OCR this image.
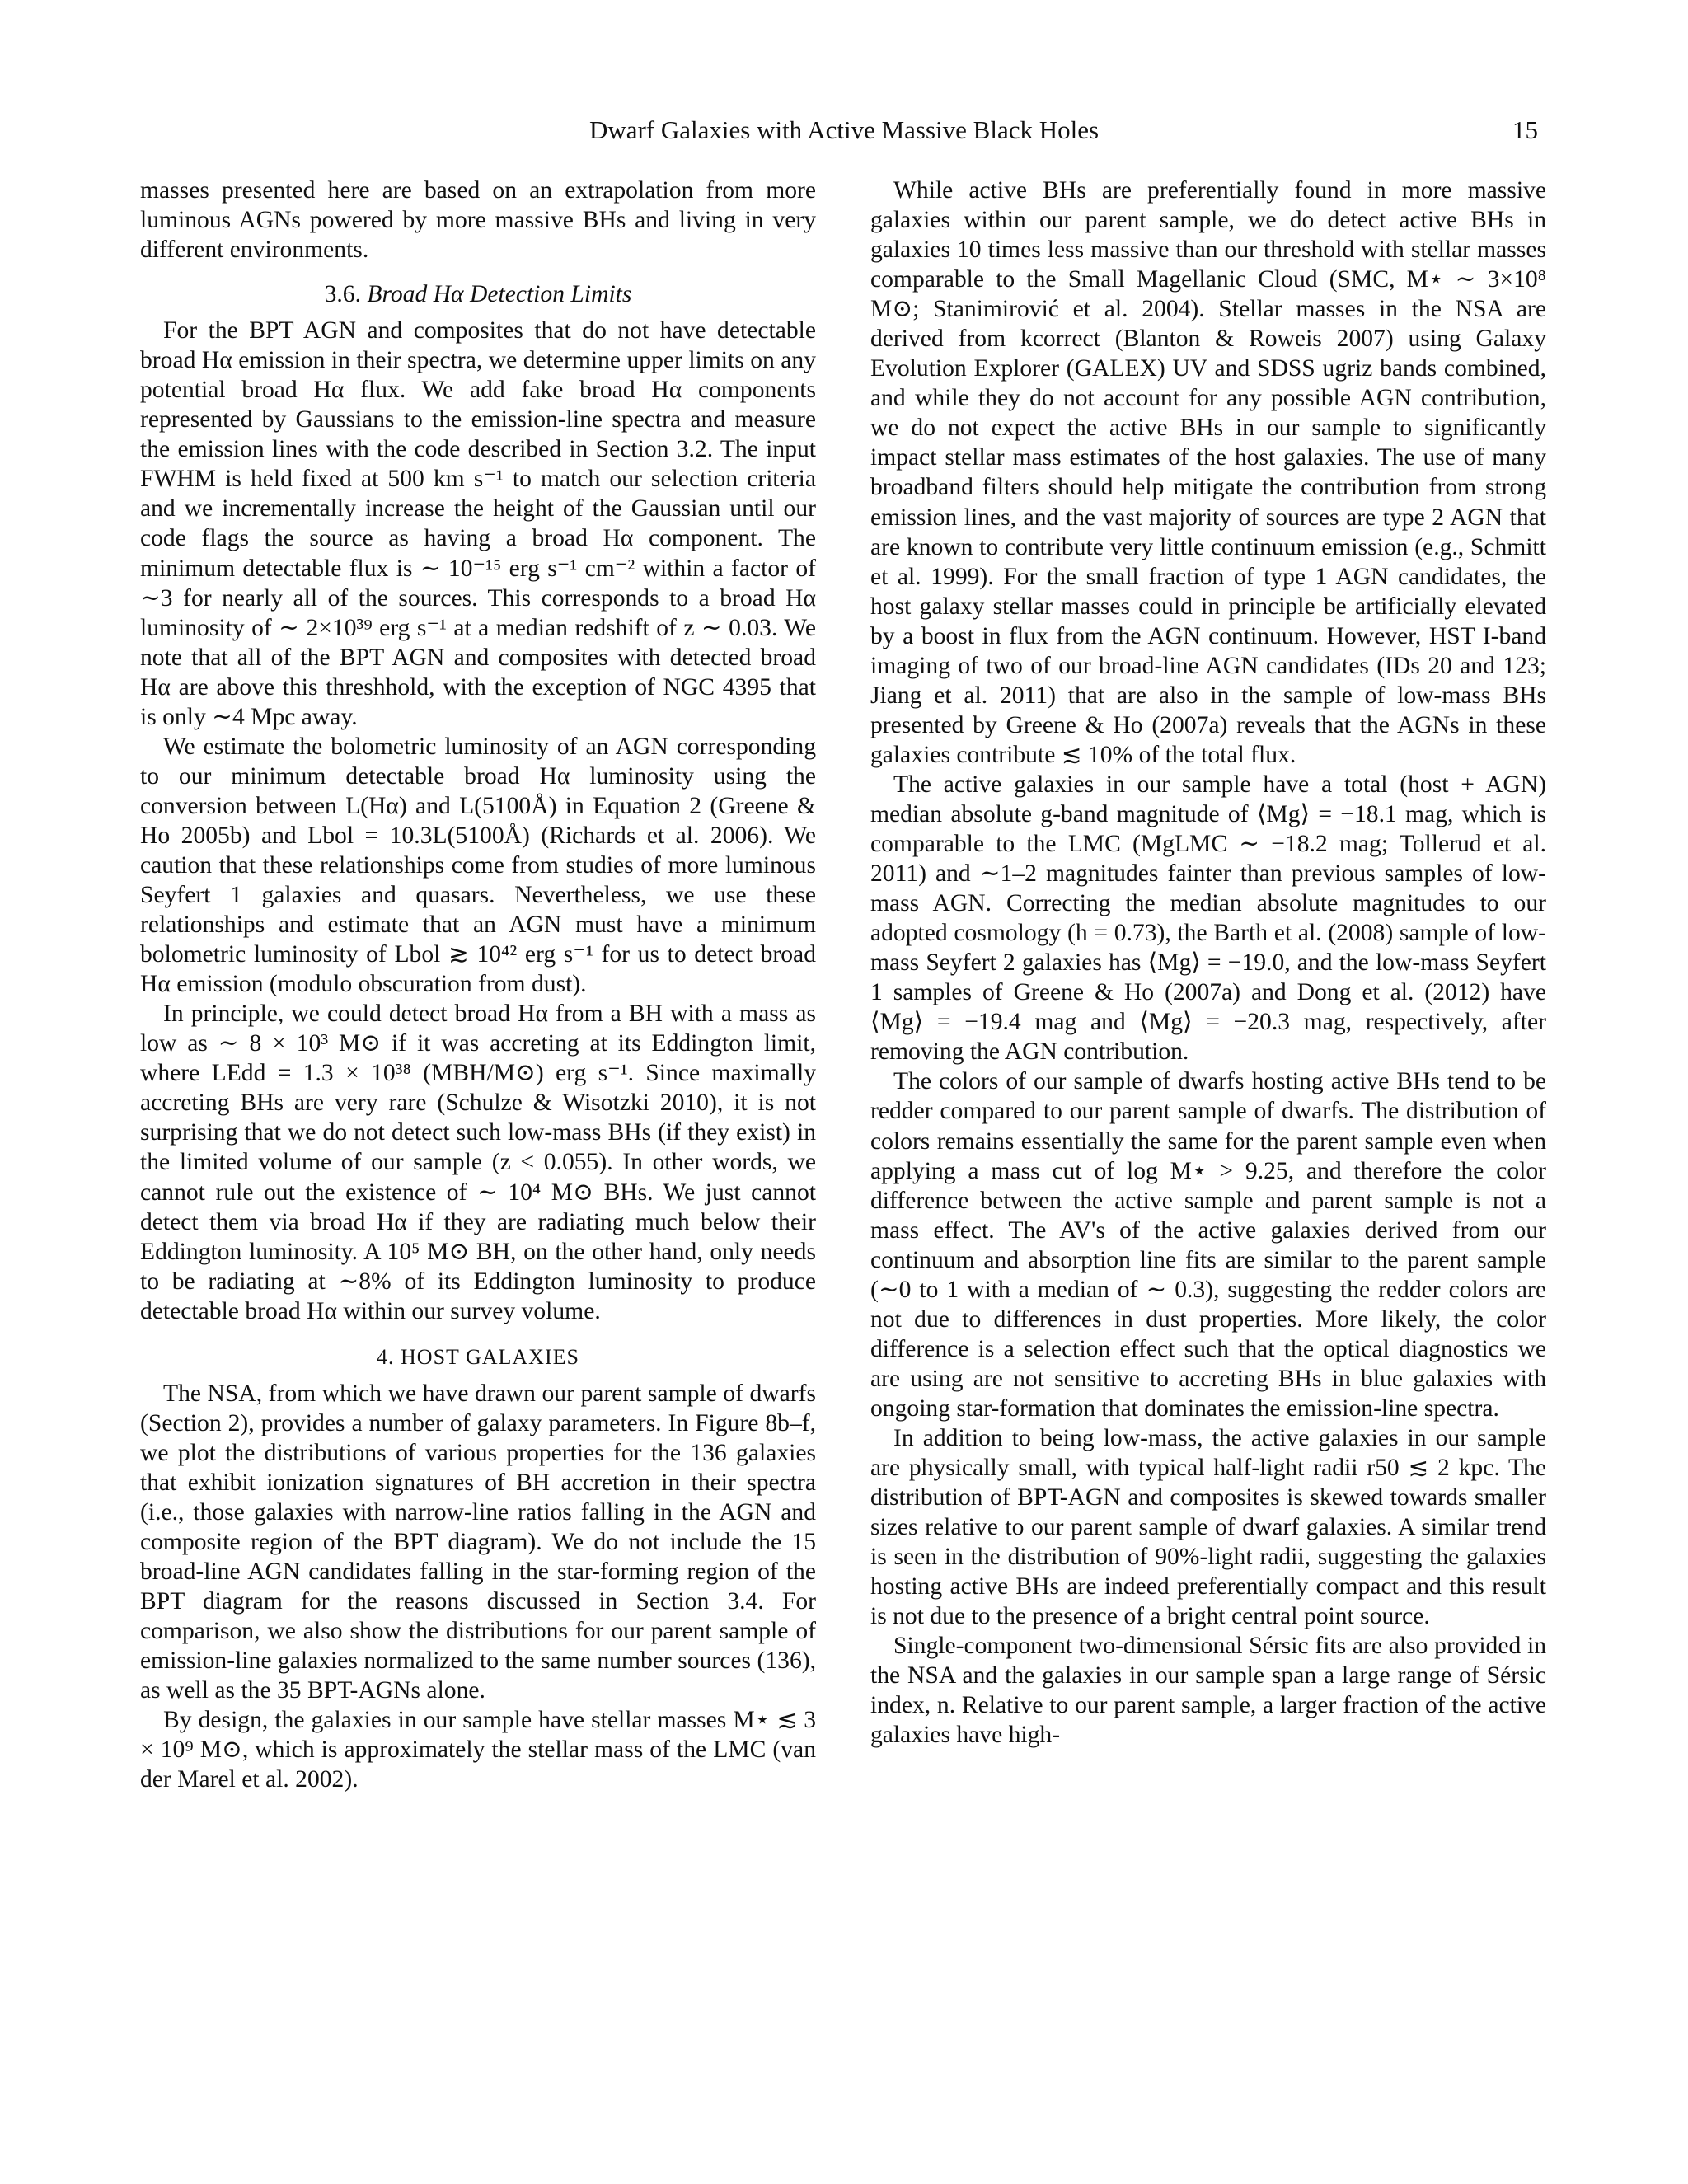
Dwarf Galaxies with Active Massive Black Holes	15

masses presented here are based on an extrapolation from more luminous AGNs powered by more massive BHs and living in very different environments.

3.6. Broad Hα Detection Limits

For the BPT AGN and composites that do not have detectable broad Hα emission in their spectra, we determine upper limits on any potential broad Hα flux. We add fake broad Hα components represented by Gaussians to the emission-line spectra and measure the emission lines with the code described in Section 3.2. The input FWHM is held fixed at 500 km s⁻¹ to match our selection criteria and we incrementally increase the height of the Gaussian until our code flags the source as having a broad Hα component. The minimum detectable flux is ∼ 10⁻¹⁵ erg s⁻¹ cm⁻² within a factor of ∼3 for nearly all of the sources. This corresponds to a broad Hα luminosity of ∼ 2×10³⁹ erg s⁻¹ at a median redshift of z ∼ 0.03. We note that all of the BPT AGN and composites with detected broad Hα are above this threshhold, with the exception of NGC 4395 that is only ∼4 Mpc away.

We estimate the bolometric luminosity of an AGN corresponding to our minimum detectable broad Hα luminosity using the conversion between L(Hα) and L(5100Å) in Equation 2 (Greene & Ho 2005b) and Lbol = 10.3L(5100Å) (Richards et al. 2006). We caution that these relationships come from studies of more luminous Seyfert 1 galaxies and quasars. Nevertheless, we use these relationships and estimate that an AGN must have a minimum bolometric luminosity of Lbol ≳ 10⁴² erg s⁻¹ for us to detect broad Hα emission (modulo obscuration from dust).

In principle, we could detect broad Hα from a BH with a mass as low as ∼ 8 × 10³ M⊙ if it was accreting at its Eddington limit, where LEdd = 1.3 × 10³⁸ (MBH/M⊙) erg s⁻¹. Since maximally accreting BHs are very rare (Schulze & Wisotzki 2010), it is not surprising that we do not detect such low-mass BHs (if they exist) in the limited volume of our sample (z < 0.055). In other words, we cannot rule out the existence of ∼ 10⁴ M⊙ BHs. We just cannot detect them via broad Hα if they are radiating much below their Eddington luminosity. A 10⁵ M⊙ BH, on the other hand, only needs to be radiating at ∼8% of its Eddington luminosity to produce detectable broad Hα within our survey volume.

4. HOST GALAXIES

The NSA, from which we have drawn our parent sample of dwarfs (Section 2), provides a number of galaxy parameters. In Figure 8b–f, we plot the distributions of various properties for the 136 galaxies that exhibit ionization signatures of BH accretion in their spectra (i.e., those galaxies with narrow-line ratios falling in the AGN and composite region of the BPT diagram). We do not include the 15 broad-line AGN candidates falling in the star-forming region of the BPT diagram for the reasons discussed in Section 3.4. For comparison, we also show the distributions for our parent sample of emission-line galaxies normalized to the same number sources (136), as well as the 35 BPT-AGNs alone.

By design, the galaxies in our sample have stellar masses M⋆ ≲ 3 × 10⁹ M⊙, which is approximately the stellar mass of the LMC (van der Marel et al. 2002).

While active BHs are preferentially found in more massive galaxies within our parent sample, we do detect active BHs in galaxies 10 times less massive than our threshold with stellar masses comparable to the Small Magellanic Cloud (SMC, M⋆ ∼ 3×10⁸ M⊙; Stanimirović et al. 2004). Stellar masses in the NSA are derived from kcorrect (Blanton & Roweis 2007) using Galaxy Evolution Explorer (GALEX) UV and SDSS ugriz bands combined, and while they do not account for any possible AGN contribution, we do not expect the active BHs in our sample to significantly impact stellar mass estimates of the host galaxies. The use of many broadband filters should help mitigate the contribution from strong emission lines, and the vast majority of sources are type 2 AGN that are known to contribute very little continuum emission (e.g., Schmitt et al. 1999). For the small fraction of type 1 AGN candidates, the host galaxy stellar masses could in principle be artificially elevated by a boost in flux from the AGN continuum. However, HST I-band imaging of two of our broad-line AGN candidates (IDs 20 and 123; Jiang et al. 2011) that are also in the sample of low-mass BHs presented by Greene & Ho (2007a) reveals that the AGNs in these galaxies contribute ≲ 10% of the total flux.

The active galaxies in our sample have a total (host + AGN) median absolute g-band magnitude of ⟨Mg⟩ = −18.1 mag, which is comparable to the LMC (MgLMC ∼ −18.2 mag; Tollerud et al. 2011) and ∼1–2 magnitudes fainter than previous samples of low-mass AGN. Correcting the median absolute magnitudes to our adopted cosmology (h = 0.73), the Barth et al. (2008) sample of low-mass Seyfert 2 galaxies has ⟨Mg⟩ = −19.0, and the low-mass Seyfert 1 samples of Greene & Ho (2007a) and Dong et al. (2012) have ⟨Mg⟩ = −19.4 mag and ⟨Mg⟩ = −20.3 mag, respectively, after removing the AGN contribution.

The colors of our sample of dwarfs hosting active BHs tend to be redder compared to our parent sample of dwarfs. The distribution of colors remains essentially the same for the parent sample even when applying a mass cut of log M⋆ > 9.25, and therefore the color difference between the active sample and parent sample is not a mass effect. The AV's of the active galaxies derived from our continuum and absorption line fits are similar to the parent sample (∼0 to 1 with a median of ∼ 0.3), suggesting the redder colors are not due to differences in dust properties. More likely, the color difference is a selection effect such that the optical diagnostics we are using are not sensitive to accreting BHs in blue galaxies with ongoing star-formation that dominates the emission-line spectra.

In addition to being low-mass, the active galaxies in our sample are physically small, with typical half-light radii r50 ≲ 2 kpc. The distribution of BPT-AGN and composites is skewed towards smaller sizes relative to our parent sample of dwarf galaxies. A similar trend is seen in the distribution of 90%-light radii, suggesting the galaxies hosting active BHs are indeed preferentially compact and this result is not due to the presence of a bright central point source.

Single-component two-dimensional Sérsic fits are also provided in the NSA and the galaxies in our sample span a large range of Sérsic index, n. Relative to our parent sample, a larger fraction of the active galaxies have high-
